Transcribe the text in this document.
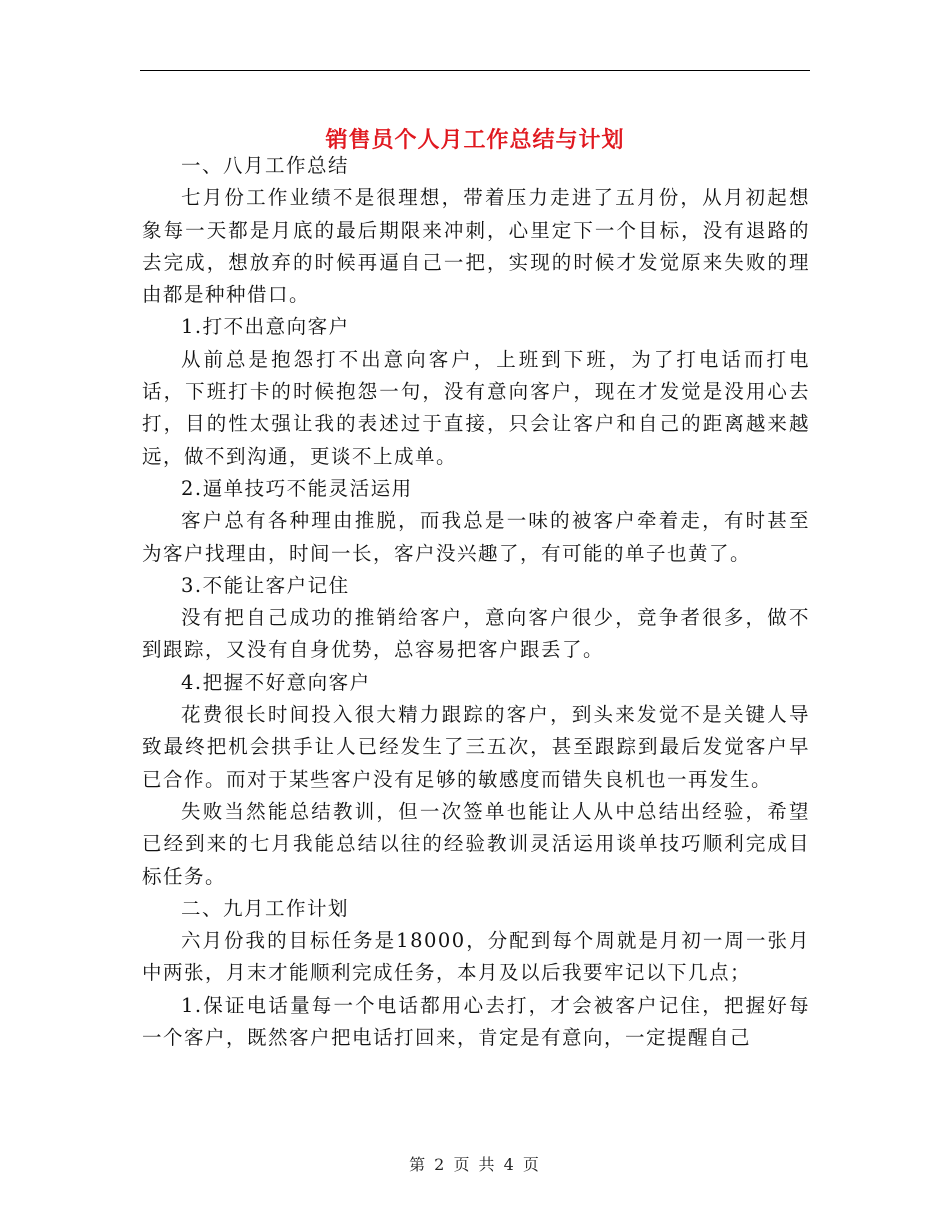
销售员个人月工作总结与计划

一、八月工作总结

七月份工作业绩不是很理想，带着压力走进了五月份，从月初起想象每一天都是月底的最后期限来冲刺，心里定下一个目标，没有退路的去完成，想放弃的时候再逼自己一把，实现的时候才发觉原来失败的理由都是种种借口。

1.打不出意向客户

从前总是抱怨打不出意向客户，上班到下班，为了打电话而打电话，下班打卡的时候抱怨一句，没有意向客户，现在才发觉是没用心去打，目的性太强让我的表述过于直接，只会让客户和自己的距离越来越远，做不到沟通，更谈不上成单。

2.逼单技巧不能灵活运用

客户总有各种理由推脱，而我总是一味的被客户牵着走，有时甚至为客户找理由，时间一长，客户没兴趣了，有可能的单子也黄了。

3.不能让客户记住

没有把自己成功的推销给客户，意向客户很少，竞争者很多，做不到跟踪，又没有自身优势，总容易把客户跟丢了。

4.把握不好意向客户

花费很长时间投入很大精力跟踪的客户，到头来发觉不是关键人导致最终把机会拱手让人已经发生了三五次，甚至跟踪到最后发觉客户早已合作。而对于某些客户没有足够的敏感度而错失良机也一再发生。

失败当然能总结教训，但一次签单也能让人从中总结出经验，希望已经到来的七月我能总结以往的经验教训灵活运用谈单技巧顺利完成目标任务。

二、九月工作计划

六月份我的目标任务是18000，分配到每个周就是月初一周一张月中两张，月末才能顺利完成任务，本月及以后我要牢记以下几点；

1.保证电话量每一个电话都用心去打，才会被客户记住，把握好每一个客户，既然客户把电话打回来，肯定是有意向，一定提醒自己

第 2 页 共 4 页
